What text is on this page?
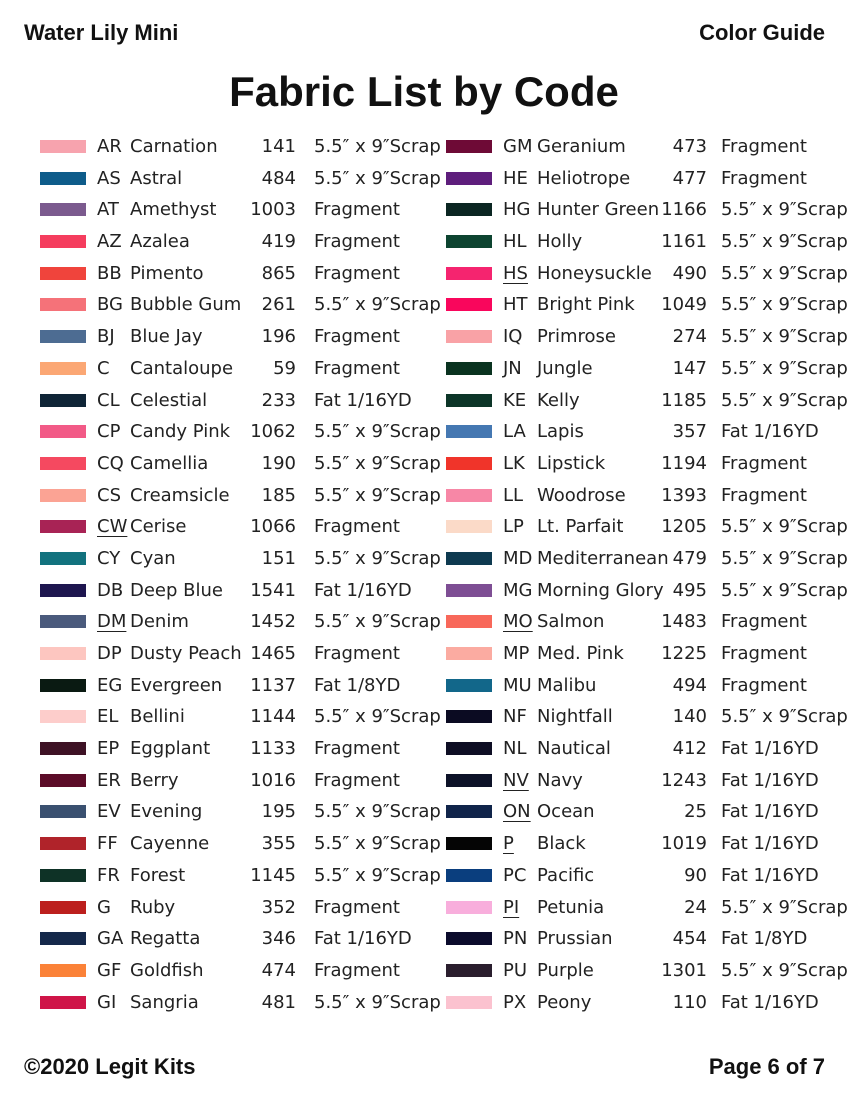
Water Lily Mini	Color Guide
Fabric List by Code
AR Carnation 141 5.5″ x 9″Scrap
AS Astral	484 5.5″ x 9″Scrap
AT Amethyst 1003 Fragment
AZ Azalea	419 Fragment
BB Pimento	865 Fragment
BG Bubble Gum 261 5.5″ x 9″Scrap
BJ Blue Jay	196 Fragment
C Cantaloupe 59 Fragment
CL Celestial	233 Fat 1/16YD
CP Candy Pink 1062 5.5″ x 9″Scrap
CQ Camellia	190 5.5″ x 9″Scrap
CS Creamsicle 185 5.5″ x 9″Scrap
CW Cerise	1066 Fragment
CY Cyan	151 5.5″ x 9″Scrap
DB Deep Blue 1541 Fat 1/16YD
DM Denim	1452 5.5″ x 9″Scrap
DP Dusty Peach 1465 Fragment
EG Evergreen 1137 Fat 1/8YD
EL Bellini	1144 5.5″ x 9″Scrap
EP Eggplant 1133 Fragment
ER Berry	1016 Fragment
EV Evening	195 5.5″ x 9″Scrap
FF Cayenne	355 5.5″ x 9″Scrap
FR Forest	1145 5.5″ x 9″Scrap
G Ruby	352 Fragment
GA Regatta	346 Fat 1/16YD
GF Goldfish	474 Fragment
GI Sangria	481 5.5″ x 9″Scrap
GM Geranium	473 Fragment
HE Heliotrope 477 Fragment
HG Hunter Green 1166 5.5″ x 9″Scrap
HL Holly	1161 5.5″ x 9″Scrap
HS Honeysuckle 490 5.5″ x 9″Scrap
HT Bright Pink 1049 5.5″ x 9″Scrap
IQ Primrose	274 5.5″ x 9″Scrap
JN Jungle	147 5.5″ x 9″Scrap
KE Kelly	1185 5.5″ x 9″Scrap
LA Lapis	357 Fat 1/16YD
LK Lipstick	1194 Fragment
LL Woodrose 1393 Fragment
LP Lt. Parfait 1205 5.5″ x 9″Scrap
MD Mediterranean 479 5.5″ x 9″Scrap
MG Morning Glory 495 5.5″ x 9″Scrap
MO Salmon	1483 Fragment
MP Med. Pink 1225 Fragment
MU Malibu	494 Fragment
NF Nightfall	140 5.5″ x 9″Scrap
NL Nautical	412 Fat 1/16YD
NV Navy	1243 Fat 1/16YD
ON Ocean	25 Fat 1/16YD
P Black	1019 Fat 1/16YD
PC Pacific	90 Fat 1/16YD
PI Petunia	24 5.5″ x 9″Scrap
PN Prussian	454 Fat 1/8YD
PU Purple	1301 5.5″ x 9″Scrap
PX Peony	110 Fat 1/16YD
©2020 Legit Kits	Page 6 of 7
